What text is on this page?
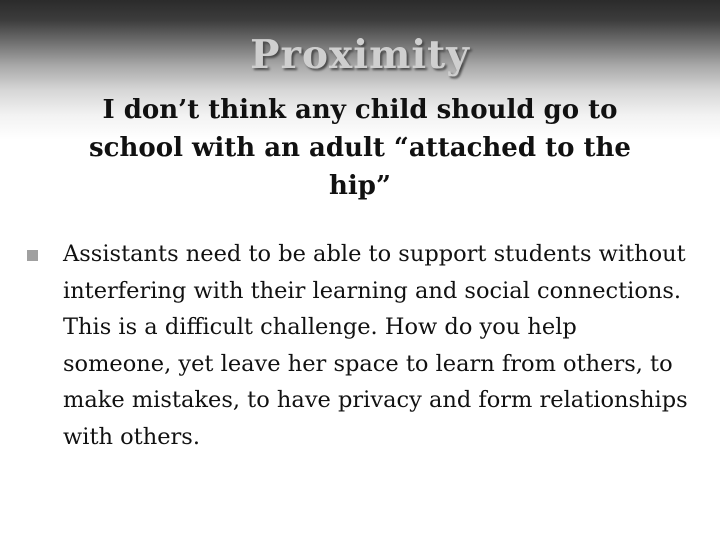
Proximity
I don’t think any child should go to school with an adult “attached to the hip”
Assistants need to be able to support students without interfering with their learning and social connections. This is a difficult challenge. How do you help someone, yet leave her space to learn from others, to make mistakes, to have privacy and form relationships with others.
